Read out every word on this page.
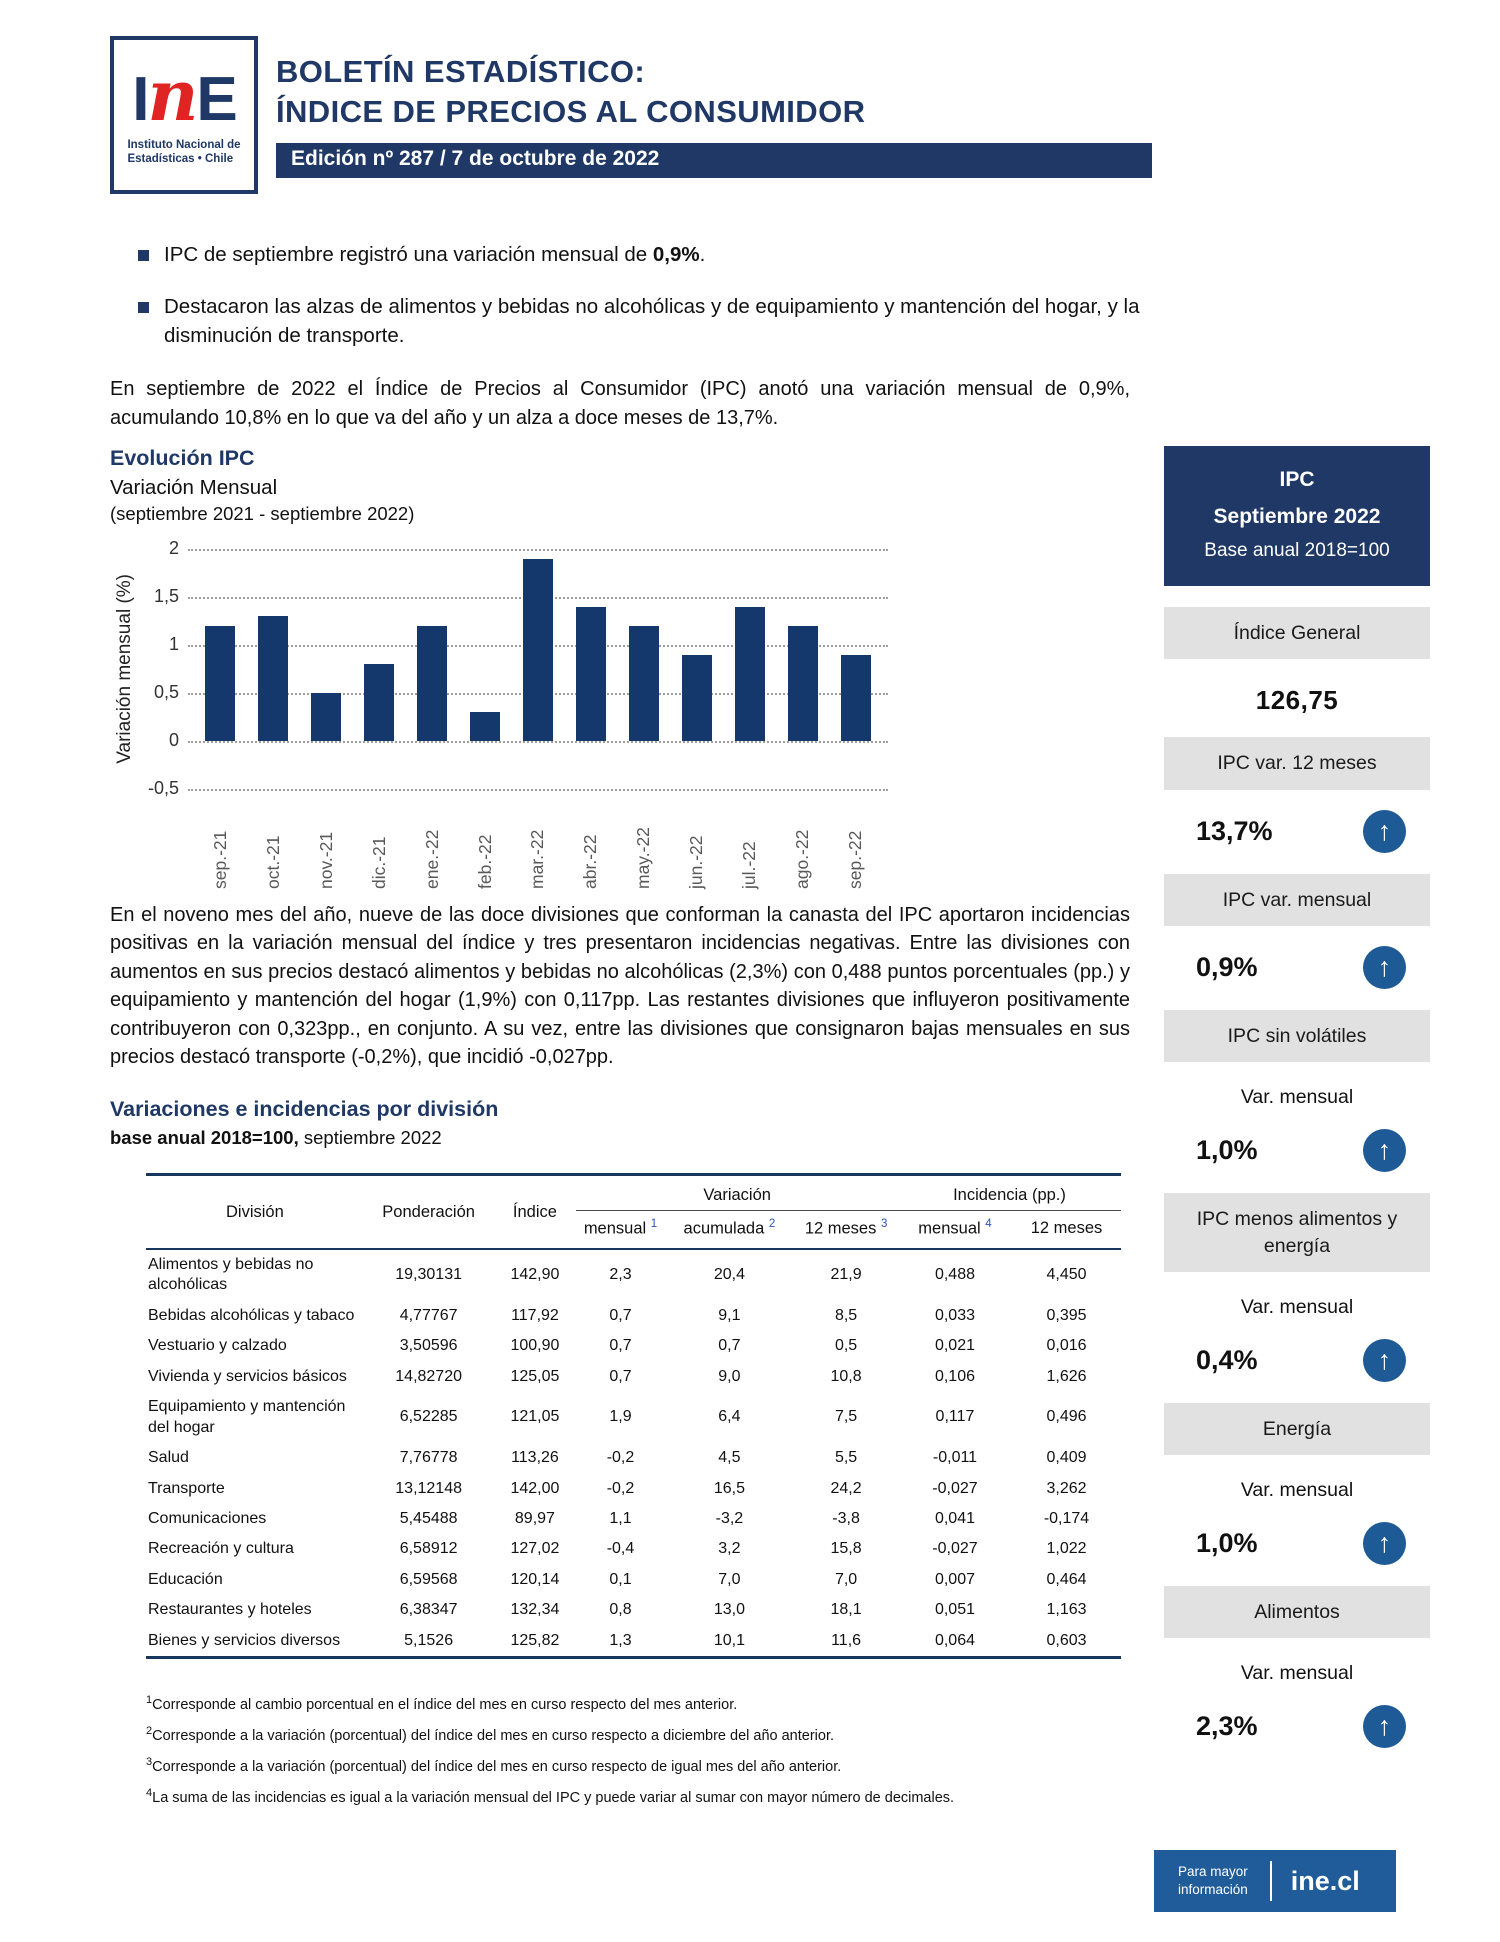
InE
Instituto Nacional de
Estadísticas • Chile
BOLETÍN ESTADÍSTICO:
ÍNDICE DE PRECIOS AL CONSUMIDOR
Edición nº 287 / 7 de octubre de 2022
IPC de septiembre registró una variación mensual de 0,9%.
Destacaron las alzas de alimentos y bebidas no alcohólicas y de equipamiento y mantención del hogar, y la disminución de transporte.

En septiembre de 2022 el Índice de Precios al Consumidor (IPC) anotó una variación mensual de 0,9%, acumulando 10,8% en lo que va del año y un alza a doce meses de 13,7%.

Evolución IPC
Variación Mensual
(septiembre 2021 - septiembre 2022)
Variación mensual (%)
2
1,5
1
0,5
0
-0,5
sep.-21 oct.-21 nov.-21 dic.-21 ene.-22 feb.-22 mar.-22 abr.-22 may.-22 jun.-22 jul.-22 ago.-22 sep.-22

En el noveno mes del año, nueve de las doce divisiones que conforman la canasta del IPC aportaron incidencias positivas en la variación mensual del índice y tres presentaron incidencias negativas. Entre las divisiones con aumentos en sus precios destacó alimentos y bebidas no alcohólicas (2,3%) con 0,488 puntos porcentuales (pp.) y equipamiento y mantención del hogar (1,9%) con 0,117pp. Las restantes divisiones que influyeron positivamente contribuyeron con 0,323pp., en conjunto. A su vez, entre las divisiones que consignaron bajas mensuales en sus precios destacó transporte (-0,2%), que incidió -0,027pp.

Variaciones e incidencias por división
base anual 2018=100, septiembre 2022
División	Ponderación	Índice	Variación			Incidencia (pp.)	
			mensual $^1$	acumulada $^2$	12 meses $^3$	mensual $^4$	12 meses
Alimentos y bebidas no alcohólicas	19,30131	142,90	2,3	20,4	21,9	0,488	4,450
Bebidas alcohólicas y tabaco	4,77767	117,92	0,7	9,1	8,5	0,033	0,395
Vestuario y calzado	3,50596	100,90	0,7	0,7	0,5	0,021	0,016
Vivienda y servicios básicos	14,82720	125,05	0,7	9,0	10,8	0,106	1,626
Equipamiento y mantención del hogar	6,52285	121,05	1,9	6,4	7,5	0,117	0,496
Salud	7,76778	113,26	-0,2	4,5	5,5	-0,011	0,409
Transporte	13,12148	142,00	-0,2	16,5	24,2	-0,027	3,262
Comunicaciones	5,45488	89,97	1,1	-3,2	-3,8	0,041	-0,174
Recreación y cultura	6,58912	127,02	-0,4	3,2	15,8	-0,027	1,022
Educación	6,59568	120,14	0,1	7,0	7,0	0,007	0,464
Restaurantes y hoteles	6,38347	132,34	0,8	13,0	18,1	0,051	1,163
Bienes y servicios diversos	5,1526	125,82	1,3	10,1	11,6	0,064	0,603
$^1$Corresponde al cambio porcentual en el índice del mes en curso respecto del mes anterior.
$^2$Corresponde a la variación (porcentual) del índice del mes en curso respecto a diciembre del año anterior.
$^3$Corresponde a la variación (porcentual) del índice del mes en curso respecto de igual mes del año anterior.
$^4$La suma de las incidencias es igual a la variación mensual del IPC y puede variar al sumar con mayor número de decimales.
IPC
Septiembre 2022
Base anual 2018=100
Índice General
126,75
IPC var. 12 meses
13,7%	↑
IPC var. mensual
0,9%	↑
IPC sin volátiles
Var. mensual
1,0%	↑
IPC menos alimentos y energía
Var. mensual
0,4%	↑
Energía
Var. mensual
1,0%	↑
Alimentos
Var. mensual
2,3%	↑
Para mayor
información ine.cl
